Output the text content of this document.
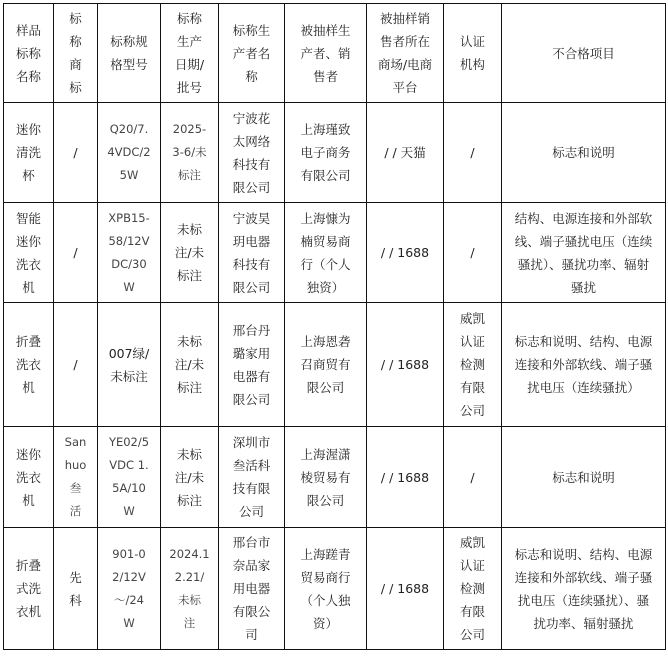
样品
标称
名称	标
称
商
标	标称规
格型号	标称
生产
日期/
批号	标称生
产者名
称	被抽样生
产者、销
售者	被抽样销
售者所在
商场/电商
平台	认证
机构	不合格项目

迷你
清洗
杯	/	Q20/7.
4VDC/2
5W	2025-
3-6/未
标注	宁波花
太网络
科技有
限公司	上海瑾致
电子商务
有限公司	/ / 天猫	/	标志和说明

智能
迷你
洗衣
机	/	XPB15-
58/12V
DC/30
W	未标
注/未
标注	宁波昊
玥电器
科技有
限公司	上海慷为
楠贸易商
行（个人
独资）	/ / 1688	/	结构、电源连接和外部软
线、端子骚扰电压（连续
骚扰）、骚扰功率、辐射
骚扰

折叠
洗衣
机	/	007绿/
未标注	未标
注/未
标注	邢台丹
璐家用
电器有
限公司	上海恩砻
召商贸有
限公司	/ / 1688	威凯
认证
检测
有限
公司	标志和说明、结构、电源
连接和外部软线、端子骚
扰电压（连续骚扰）

迷你
洗衣
机	San
huo
叁
活	YE02/5
VDC 1.
5A/10
W	未标
注/未
标注	深圳市
叁活科
技有限
公司	上海渥潇
棱贸易有
限公司	/ / 1688	/	标志和说明

折叠
式洗
衣机	先
科	901-0
2/12V
～/24
W	2024.1
2.21/
未标
注	邢台市
奈品家
用电器
有限公
司	上海蹉青
贸易商行
（个人独
资）	/ / 1688	威凯
认证
检测
有限
公司	标志和说明、结构、电源
连接和外部软线、端子骚
扰电压（连续骚扰）、骚
扰功率、辐射骚扰
